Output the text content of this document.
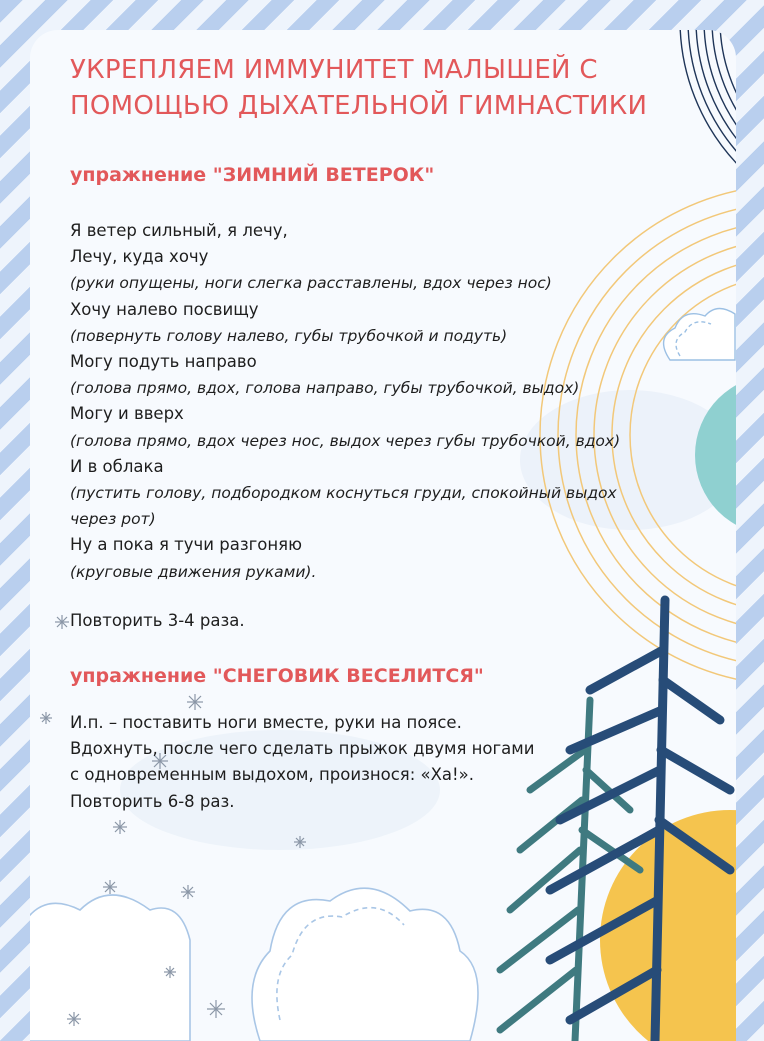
УКРЕПЛЯЕМ ИММУНИТЕТ МАЛЫШЕЙ С ПОМОЩЬЮ ДЫХАТЕЛЬНОЙ ГИМНАСТИКИ
упражнение "ЗИМНИЙ ВЕТЕРОК"
Я ветер сильный, я лечу,
Лечу, куда хочу
(руки опущены, ноги слегка расставлены, вдох через нос)
Хочу налево посвищу
(повернуть голову налево, губы трубочкой и подуть)
Могу подуть направо
(голова прямо, вдох, голова направо, губы трубочкой, выдох)
Могу и вверх
(голова прямо, вдох через нос, выдох через губы трубочкой, вдох)
И в облака
(пустить голову, подбородком коснуться груди, спокойный выдох
через рот)
Ну а пока я тучи разгоняю
(круговые движения руками).
Повторить 3-4 раза.
упражнение "СНЕГОВИК ВЕСЕЛИТСЯ"
И.п. – поставить ноги вместе, руки на поясе.
Вдохнуть, после чего сделать прыжок двумя ногами
с одновременным выдохом, произнося: «Ха!».
Повторить 6-8 раз.
